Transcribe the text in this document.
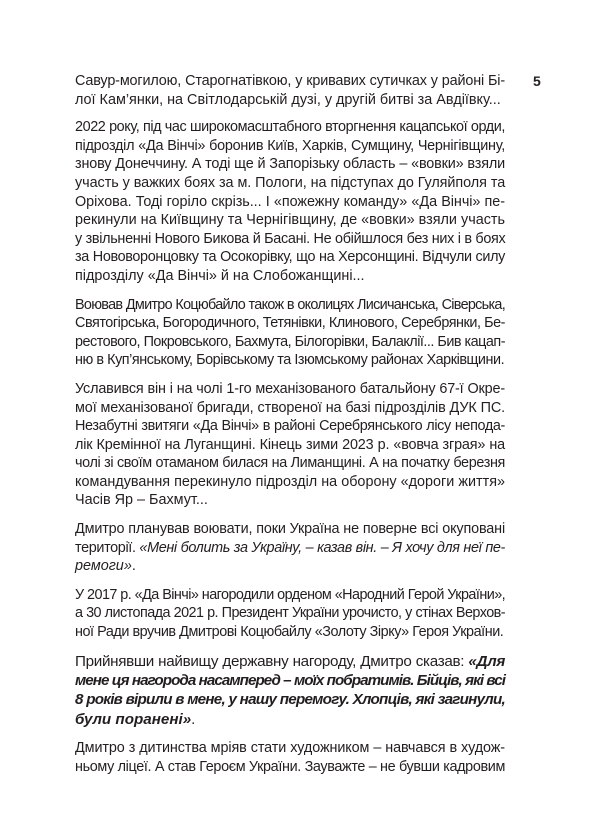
5

Савур-могилою, Старогнатівкою, у кривавих сутичках у районі Бі-
лої Кам’янки, на Світлодарській дузі, у другій битві за Авдіївку...

2022 року, під час широкомасштабного вторгнення кацапської орди,
підрозділ «Да Вінчі» боронив Київ, Харків, Сумщину, Чернігівщину,
знову Донеччину. А тоді ще й Запорізьку область – «вовки» взяли
участь у важких боях за м. Пологи, на підступах до Гуляйполя та
Оріхова. Тоді горіло скрізь... І «пожежну команду» «Да Вінчі» пе-
рекинули на Київщину та Чернігівщину, де «вовки» взяли участь
у звільненні Нового Бикова й Басані. Не обійшлося без них і в боях
за Нововоронцовку та Осокорівку, що на Херсонщині. Відчули силу
підрозділу «Да Вінчі» й на Слобожанщині...

Воював Дмитро Коцюбайло також в околицях Лисичанська, Сіверська,
Святогірська, Богородичного, Тетянівки, Клинового, Серебрянки, Бе-
рестового, Покровського, Бахмута, Білогорівки, Балаклії... Бив кацап-
ню в Куп’янському, Борівському та Ізюмському районах Харківщини.

Уславився він і на чолі 1-го механізованого батальйону 67-ї Окре-
мої механізованої бригади, створеної на базі підрозділів ДУК ПС.
Незабутні звитяги «Да Вінчі» в районі Серебрянського лісу непода-
лік Кремінної на Луганщині. Кінець зими 2023 р. «вовча зграя» на
чолі зі своїм отаманом билася на Лиманщині. А на початку березня
командування перекинуло підрозділ на оборону «дороги життя»
Часів Яр – Бахмут...

Дмитро планував воювати, поки Україна не поверне всі окуповані
території. «Мені болить за Україну, – казав він. – Я хочу для неї пе-
ремоги».

У 2017 р. «Да Вінчі» нагородили орденом «Народний Герой України»,
а 30 листопада 2021 р. Президент України урочисто, у стінах Верхов-
ної Ради вручив Дмитрові Коцюбайлу «Золоту Зірку» Героя України.

Прийнявши найвищу державну нагороду, Дмитро сказав: «Для
мене ця нагорода насамперед – моїх побратимів. Бійців, які всі
8 років вірили в мене, у нашу перемогу. Хлопців, які загинули,
були поранені».

Дмитро з дитинства мріяв стати художником – навчався в худож-
ньому ліцеї. А став Героєм України. Зауважте – не бувши кадровим
